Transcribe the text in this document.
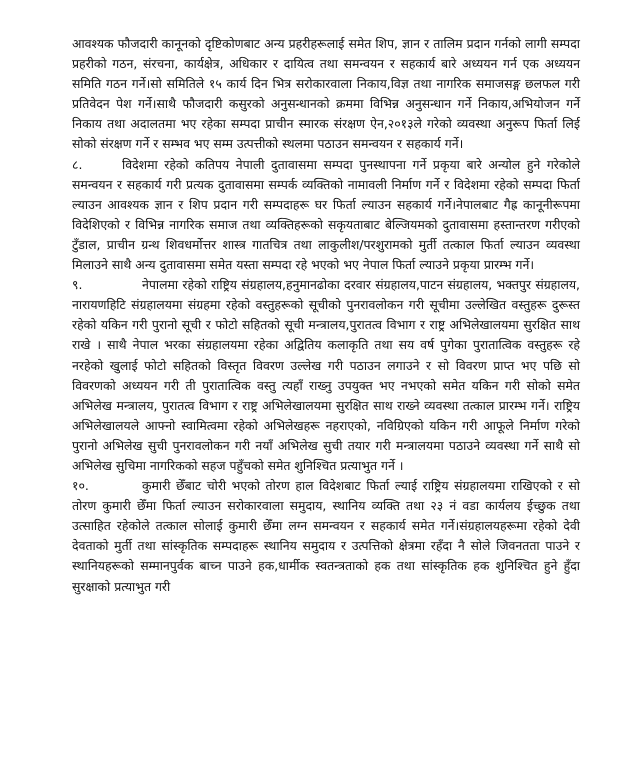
आवश्यक फौजदारी कानूनको दृष्टिकोणबाट अन्य प्रहरीहरूलाई समेत शिप, ज्ञान र तालिम प्रदान गर्नको लागी सम्पदा प्रहरीको गठन, संरचना, कार्यक्षेत्र, अधिकार र दायित्व तथा समन्वयन र सहकार्य बारे अध्ययन गर्न एक अध्ययन समिति गठन गर्ने।सो समितिले १५ कार्य दिन भित्र सरोकारवाला निकाय,विज्ञ तथा नागरिक समाजसङ्ग छलफल गरी प्रतिवेदन पेश गर्ने।साथै फौजदारी कसुरको अनुसन्धानको क्रममा विभिन्न अनुसन्धान गर्ने निकाय,अभियोजन गर्ने निकाय तथा अदालतमा भए रहेका सम्पदा प्राचीन स्मारक संरक्षण ऐन,२०१३ले गरेको व्यवस्था अनुरूप फिर्ता लिई सोको संरक्षण गर्ने र सम्भव भए सम्म उत्पत्तीको स्थलमा पठाउन समन्वयन र सहकार्य गर्ने।

८.	विदेशमा रहेको कतिपय नेपाली दुतावासमा सम्पदा पुनस्थापना गर्ने प्रकृया बारे अन्योल हुने गरेकोले समन्वयन र सहकार्य गरी प्रत्यक दुतावासमा सम्पर्क व्यक्तिको नामावली निर्माण गर्ने र विदेशमा रहेको सम्पदा फिर्ता ल्याउन आवश्यक ज्ञान र शिप प्रदान गरी सम्पदाहरू घर फिर्ता ल्याउन सहकार्य गर्ने।नेपालबाट गैह्र कानूनीरूपमा विदेशिएको र विभिन्न नागरिक समाज तथा व्यक्तिहरूको सकृयताबाट बेल्जियमको दुतावासमा हस्तान्तरण गरीएको टुँडाल, प्राचीन ग्रन्थ शिवधर्मोत्तर शास्त्र गातचित्र तथा लाकुलीश/परशुरामको मुर्ती तत्काल फिर्ता ल्याउन व्यवस्था मिलाउने साथै अन्य दुतावासमा समेत यस्ता सम्पदा रहे भएको भए नेपाल फिर्ता ल्याउने प्रकृया प्रारम्भ गर्ने।

९.	नेपालमा रहेको राष्ट्रिय संग्रहालय,हनुमानढोका दरवार संग्रहालय,पाटन संग्रहालय, भक्तपुर संग्रहालय, नारायणहिटि संग्रहालयमा संग्रहमा रहेको वस्तुहरूको सूचीको पुनरावलोकन गरी सूचीमा उल्लेखित वस्तुहरू दुरूस्त रहेको यकिन गरी पुरानो सूची र फोटो सहितको सूची मन्त्रालय,पुरातत्व विभाग र राष्ट्र अभिलेखालयमा सुरक्षित साथ राखे । साथै नेपाल भरका संग्रहालयमा रहेका अद्वितिय कलाकृति तथा सय वर्ष पुगेका पुरातात्विक वस्तुहरू रहे नरहेको खुलाई फोटो सहितको विस्तृत विवरण उल्लेख गरी पठाउन लगाउने र सो विवरण प्राप्त भए पछि सो विवरणको अध्ययन गरी ती पुरातात्विक वस्तु त्यहाँ राख्नु उपयुक्त भए नभएको समेत यकिन गरी सोको समेत अभिलेख मन्त्रालय, पुरातत्व विभाग र राष्ट्र अभिलेखालयमा सुरक्षित साथ राख्ने व्यवस्था तत्काल प्रारम्भ गर्ने। राष्ट्रिय अभिलेखालयले आफ्नो स्वामित्वमा रहेको अभिलेखहरू नहराएको, नविग्रिएको यकिन गरी आफूले निर्माण गरेको पुरानो अभिलेख सुची पुनरावलोकन गरी नयाँ अभिलेख सुची तयार गरी मन्त्रालयमा पठाउने व्यवस्था गर्ने साथै सो अभिलेख सुचिमा नागरिकको सहज पहुँचको समेत शुनिश्चित प्रत्याभुत गर्ने ।

१०.	कुमारी छेँबाट चोरी भएको तोरण हाल विदेशबाट फिर्ता ल्याई राष्ट्रिय संग्रहालयमा राखिएको र सो तोरण कुमारी छेँमा फिर्ता ल्याउन सरोकारवाला समुदाय, स्थानिय व्यक्ति तथा २३ नं वडा कार्यलय ईच्छुक तथा उत्साहित रहेकोले तत्काल सोलाई कुमारी छेँमा लग्न समन्वयन र सहकार्य समेत गर्ने।संग्रहालयहरूमा रहेको देवी देवताको मुर्ती तथा सांस्कृतिक सम्पदाहरू स्थानिय समुदाय र उत्पत्तिको क्षेत्रमा रहँदा नै सोले जिवनतता पाउने र स्थानियहरूको सम्मानपुर्वक बाच्न पाउने हक,धार्मीक स्वतन्त्रताको हक तथा सांस्कृतिक हक शुनिश्चित हुने हुँदा सुरक्षाको प्रत्याभुत गरी
